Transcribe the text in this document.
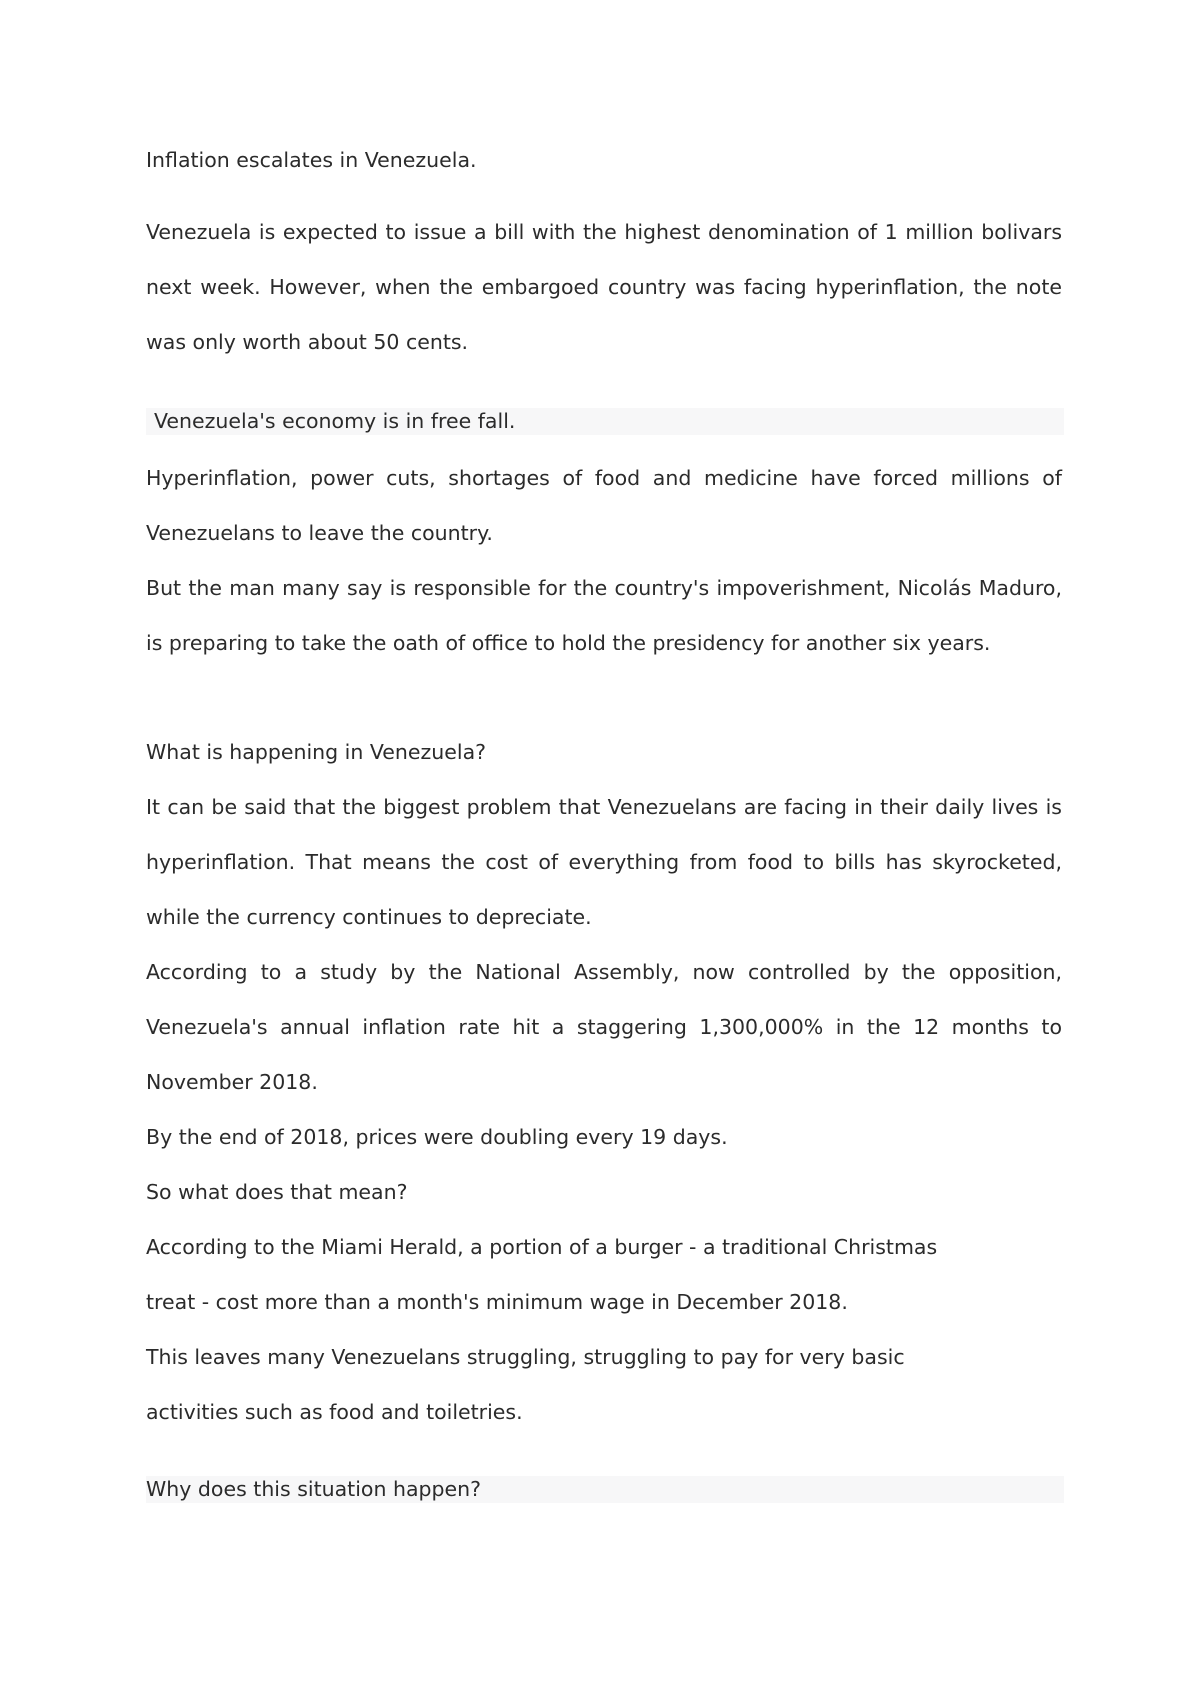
Inflation escalates in Venezuela.

Venezuela is expected to issue a bill with the highest denomination of 1 million bolivars next week. However, when the embargoed country was facing hyperinflation, the note was only worth about 50 cents.

Venezuela's economy is in free fall.

Hyperinflation, power cuts, shortages of food and medicine have forced millions of Venezuelans to leave the country.

But the man many say is responsible for the country's impoverishment, Nicolás Maduro, is preparing to take the oath of office to hold the presidency for another six years.

What is happening in Venezuela?

It can be said that the biggest problem that Venezuelans are facing in their daily lives is hyperinflation. That means the cost of everything from food to bills has skyrocketed, while the currency continues to depreciate.

According to a study by the National Assembly, now controlled by the opposition, Venezuela's annual inflation rate hit a staggering 1,300,000% in the 12 months to November 2018.

By the end of 2018, prices were doubling every 19 days.

So what does that mean?

According to the Miami Herald, a portion of a burger - a traditional Christmas

treat - cost more than a month's minimum wage in December 2018.

This leaves many Venezuelans struggling, struggling to pay for very basic

activities such as food and toiletries.

Why does this situation happen?
